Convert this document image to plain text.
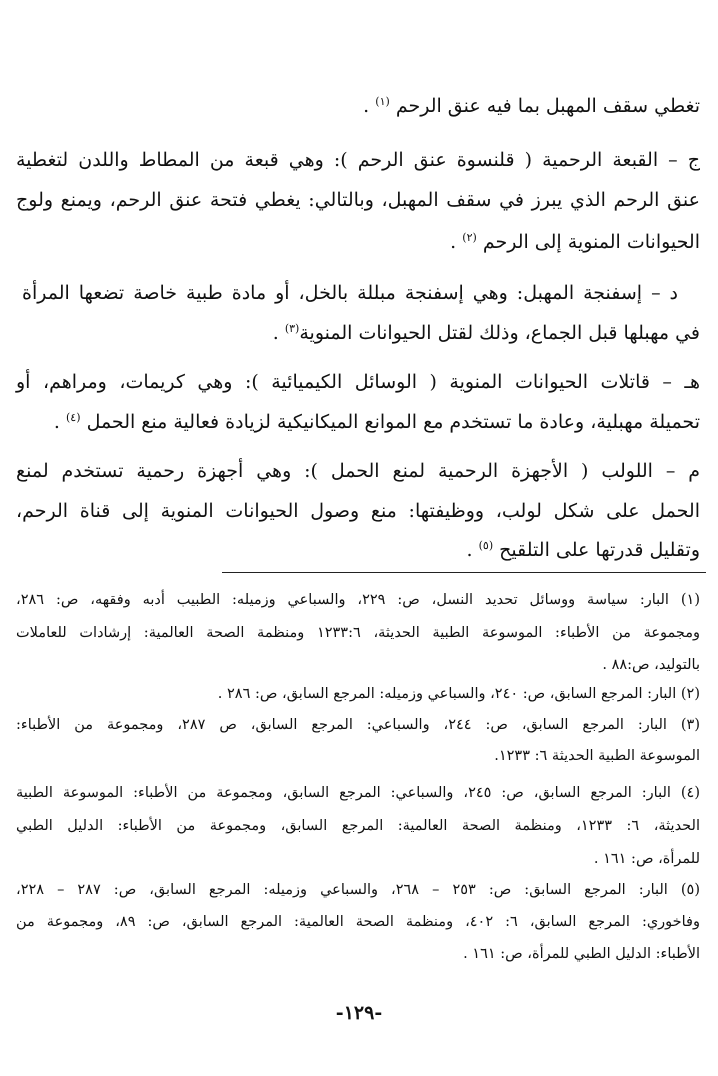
تغطي سقف المهبل بما فيه عنق الرحم $^{(١)}$ .
ج – القبعة الرحمية ( قلنسوة عنق الرحم ): وهي قبعة من المطاط واللدن لتغطية
عنق الرحم الذي يبرز في سقف المهبل، وبالتالي: يغطي فتحة عنق الرحم، ويمنع ولوج
الحيوانات المنوية إلى الرحم $^{(٢)}$ .
د – إسفنجة المهبل: وهي إسفنجة مبللة بالخل، أو مادة طبية خاصة تضعها المرأة
في مهبلها قبل الجماع، وذلك لقتل الحيوانات المنوية$^{(٣)}$ .
هـ – قاتلات الحيوانات المنوية ( الوسائل الكيميائية ): وهي كريمات، ومراهم، أو
تحميلة مهبلية، وعادة ما تستخدم مع الموانع الميكانيكية لزيادة فعالية منع الحمل $^{(٤)}$ .
م – اللولب ( الأجهزة الرحمية لمنع الحمل ): وهي أجهزة رحمية تستخدم لمنع
الحمل على شكل لولب، ووظيفتها: منع وصول الحيوانات المنوية إلى قناة الرحم،
وتقليل قدرتها على التلقيح $^{(٥)}$ .
(١) البار: سياسة ووسائل تحديد النسل، ص: ٢٢٩، والسباعي وزميله: الطبيب أدبه وفقهه، ص: ٢٨٦،
ومجموعة من الأطباء: الموسوعة الطبية الحديثة، ١٢٣٣:٦ ومنظمة الصحة العالمية: إرشادات للعاملات
بالتوليد، ص:٨٨ .
(٢) البار: المرجع السابق، ص: ٢٤٠، والسباعي وزميله: المرجع السابق، ص: ٢٨٦ .
(٣) البار: المرجع السابق، ص: ٢٤٤، والسباعي: المرجع السابق، ص ٢٨٧، ومجموعة من الأطباء:
الموسوعة الطبية الحديثة ٦: ١٢٣٣.
(٤) البار: المرجع السابق، ص: ٢٤٥، والسباعي: المرجع السابق، ومجموعة من الأطباء: الموسوعة الطبية
الحديثة، ٦: ١٢٣٣، ومنظمة الصحة العالمية: المرجع السابق، ومجموعة من الأطباء: الدليل الطبي
للمرأة، ص: ١٦١ .
(٥) البار: المرجع السابق: ص: ٢٥٣ – ٢٦٨، والسباعي وزميله: المرجع السابق، ص: ٢٨٧ – ٢٢٨،
وفاخوري: المرجع السابق، ٦: ٤٠٢، ومنظمة الصحة العالمية: المرجع السابق، ص: ٨٩، ومجموعة من
الأطباء: الدليل الطبي للمرأة، ص: ١٦١ .
-١٢٩-
